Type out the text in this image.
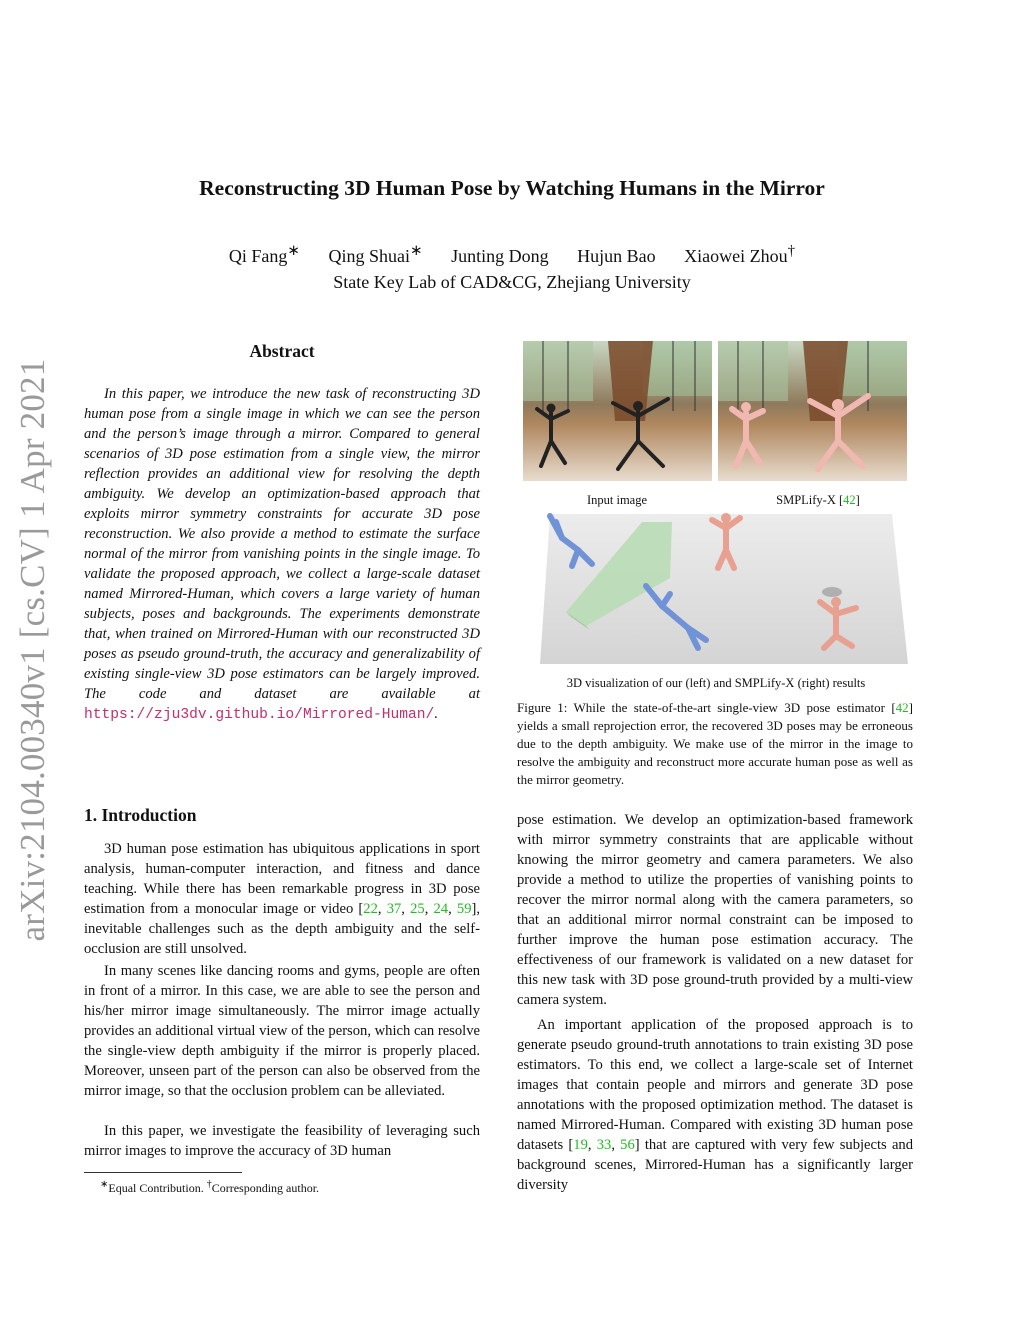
arXiv:2104.00340v1 [cs.CV] 1 Apr 2021
Reconstructing 3D Human Pose by Watching Humans in the Mirror
Qi Fang∗ Qing Shuai∗ Junting Dong Hujun Bao Xiaowei Zhou†
State Key Lab of CAD&CG, Zhejiang University
Abstract
In this paper, we introduce the new task of reconstructing 3D human pose from a single image in which we can see the person and the person’s image through a mirror. Compared to general scenarios of 3D pose estimation from a single view, the mirror reflection provides an additional view for resolving the depth ambiguity. We develop an optimization-based approach that exploits mirror symmetry constraints for accurate 3D pose reconstruction. We also provide a method to estimate the surface normal of the mirror from vanishing points in the single image. To validate the proposed approach, we collect a large-scale dataset named Mirrored-Human, which covers a large variety of human subjects, poses and backgrounds. The experiments demonstrate that, when trained on Mirrored-Human with our reconstructed 3D poses as pseudo ground-truth, the accuracy and generalizability of existing single-view 3D pose estimators can be largely improved. The code and dataset are available at https://zju3dv.github.io/Mirrored-Human/.
1. Introduction
3D human pose estimation has ubiquitous applications in sport analysis, human-computer interaction, and fitness and dance teaching. While there has been remarkable progress in 3D pose estimation from a monocular image or video [22, 37, 25, 24, 59], inevitable challenges such as the depth ambiguity and the self-occlusion are still unsolved.
In many scenes like dancing rooms and gyms, people are often in front of a mirror. In this case, we are able to see the person and his/her mirror image simultaneously. The mirror image actually provides an additional virtual view of the person, which can resolve the single-view depth ambiguity if the mirror is properly placed. Moreover, unseen part of the person can also be observed from the mirror image, so that the occlusion problem can be alleviated.
In this paper, we investigate the feasibility of leveraging such mirror images to improve the accuracy of 3D human
∗Equal Contribution. †Corresponding author.
pose estimation. We develop an optimization-based framework with mirror symmetry constraints that are applicable without knowing the mirror geometry and camera parameters. We also provide a method to utilize the properties of vanishing points to recover the mirror normal along with the camera parameters, so that an additional mirror normal constraint can be imposed to further improve the human pose estimation accuracy. The effectiveness of our framework is validated on a new dataset for this new task with 3D pose ground-truth provided by a multi-view camera system.
An important application of the proposed approach is to generate pseudo ground-truth annotations to train existing 3D pose estimators. To this end, we collect a large-scale set of Internet images that contain people and mirrors and generate 3D pose annotations with the proposed optimization method. The dataset is named Mirrored-Human. Compared with existing 3D human pose datasets [19, 33, 56] that are captured with very few subjects and background scenes, Mirrored-Human has a significantly larger diversity
Input image	SMPLify-X [42]
3D visualization of our (left) and SMPLify-X (right) results
Figure 1: While the state-of-the-art single-view 3D pose estimator [42] yields a small reprojection error, the recovered 3D poses may be erroneous due to the depth ambiguity. We make use of the mirror in the image to resolve the ambiguity and reconstruct more accurate human pose as well as the mirror geometry.
